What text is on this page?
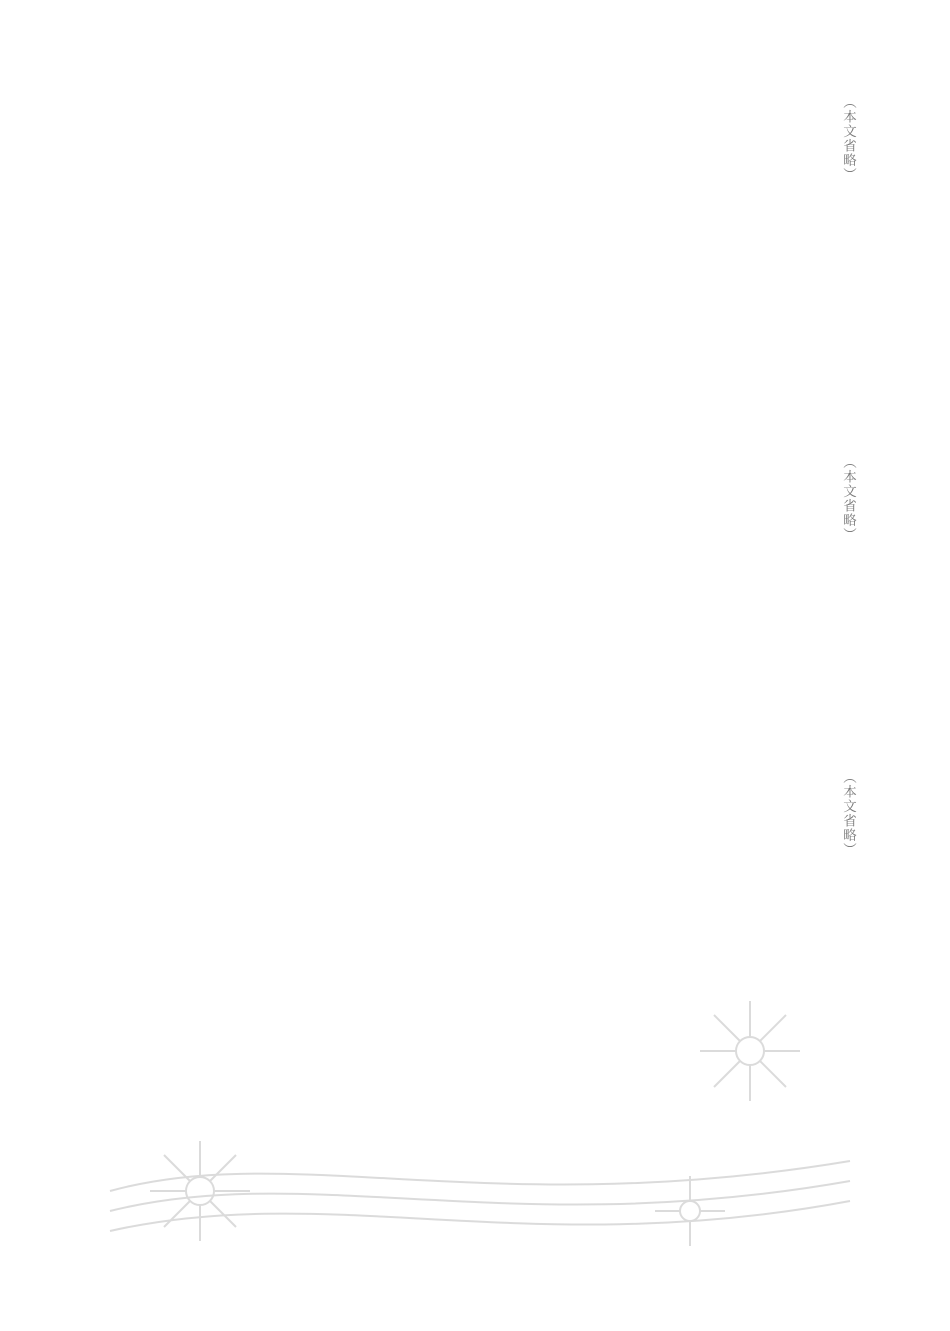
（本文省略）
（本文省略）
（本文省略）
